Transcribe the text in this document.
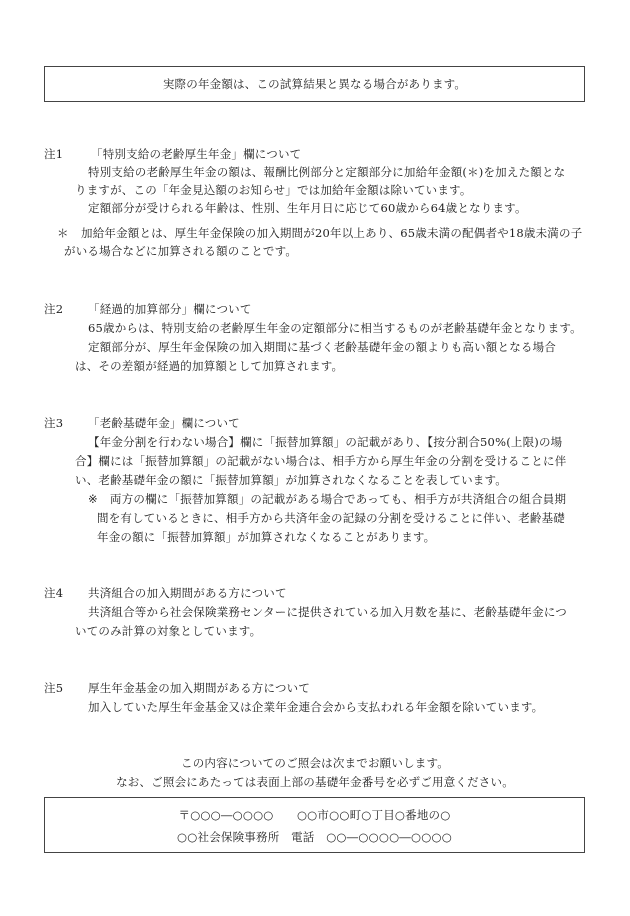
実際の年金額は、この試算結果と異なる場合があります。
注1 「特別支給の老齢厚生年金」欄について
特別支給の老齢厚生年金の額は、報酬比例部分と定額部分に加給年金額(＊)を加えた額とな
りますが、この「年金見込額のお知らせ」では加給年金額は除いています。
定額部分が受けられる年齢は、性別、生年月日に応じて60歳から64歳となります。
＊ 加給年金額とは、厚生年金保険の加入期間が20年以上あり、65歳未満の配偶者や18歳未満の子
がいる場合などに加算される額のことです。
注2 「経過的加算部分」欄について
65歳からは、特別支給の老齢厚生年金の定額部分に相当するものが老齢基礎年金となります。
定額部分が、厚生年金保険の加入期間に基づく老齢基礎年金の額よりも高い額となる場合
は、その差額が経過的加算額として加算されます。
注3 「老齢基礎年金」欄について
【年金分割を行わない場合】欄に「振替加算額」の記載があり、【按分割合50%(上限)の場
合】欄には「振替加算額」の記載がない場合は、相手方から厚生年金の分割を受けることに伴
い、老齢基礎年金の額に「振替加算額」が加算されなくなることを表しています。
※ 両方の欄に「振替加算額」の記載がある場合であっても、相手方が共済組合の組合員期
間を有しているときに、相手方から共済年金の記録の分割を受けることに伴い、老齢基礎
年金の額に「振替加算額」が加算されなくなることがあります。
注4 共済組合の加入期間がある方について
共済組合等から社会保険業務センターに提供されている加入月数を基に、老齢基礎年金につ
いてのみ計算の対象としています。
注5 厚生年金基金の加入期間がある方について
加入していた厚生年金基金又は企業年金連合会から支払われる年金額を除いています。
この内容についてのご照会は次までお願いします。
なお、ご照会にあたっては表面上部の基礎年金番号を必ずご用意ください。
〒○○○―○○○○　　○○市○○町○丁目○番地の○
○○社会保険事務所　電話　○○―○○○○―○○○○
